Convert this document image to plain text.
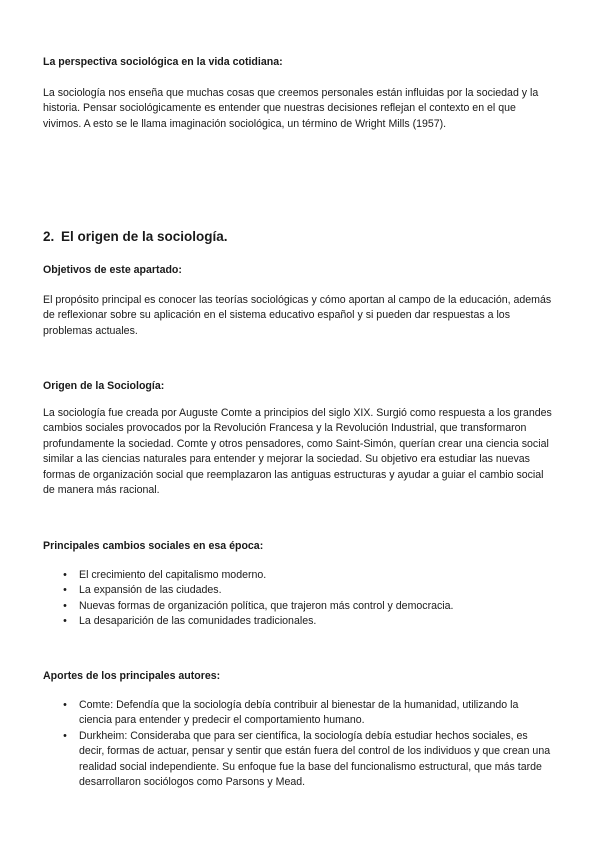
La perspectiva sociológica en la vida cotidiana:

La sociología nos enseña que muchas cosas que creemos personales están influidas por la sociedad y la historia. Pensar sociológicamente es entender que nuestras decisiones reflejan el contexto en el que vivimos. A esto se le llama imaginación sociológica, un término de Wright Mills (1957).

2. El origen de la sociología.

Objetivos de este apartado:

El propósito principal es conocer las teorías sociológicas y cómo aportan al campo de la educación, además de reflexionar sobre su aplicación en el sistema educativo español y si pueden dar respuestas a los problemas actuales.

Origen de la Sociología:

La sociología fue creada por Auguste Comte a principios del siglo XIX. Surgió como respuesta a los grandes cambios sociales provocados por la Revolución Francesa y la Revolución Industrial, que transformaron profundamente la sociedad. Comte y otros pensadores, como Saint-Simón, querían crear una ciencia social similar a las ciencias naturales para entender y mejorar la sociedad. Su objetivo era estudiar las nuevas formas de organización social que reemplazaron las antiguas estructuras y ayudar a guiar el cambio social de manera más racional.

Principales cambios sociales en esa época:

• El crecimiento del capitalismo moderno.
• La expansión de las ciudades.
• Nuevas formas de organización política, que trajeron más control y democracia.
• La desaparición de las comunidades tradicionales.

Aportes de los principales autores:

• Comte: Defendía que la sociología debía contribuir al bienestar de la humanidad, utilizando la ciencia para entender y predecir el comportamiento humano.
• Durkheim: Consideraba que para ser científica, la sociología debía estudiar hechos sociales, es decir, formas de actuar, pensar y sentir que están fuera del control de los individuos y que crean una realidad social independiente. Su enfoque fue la base del funcionalismo estructural, que más tarde desarrollaron sociólogos como Parsons y Mead.
